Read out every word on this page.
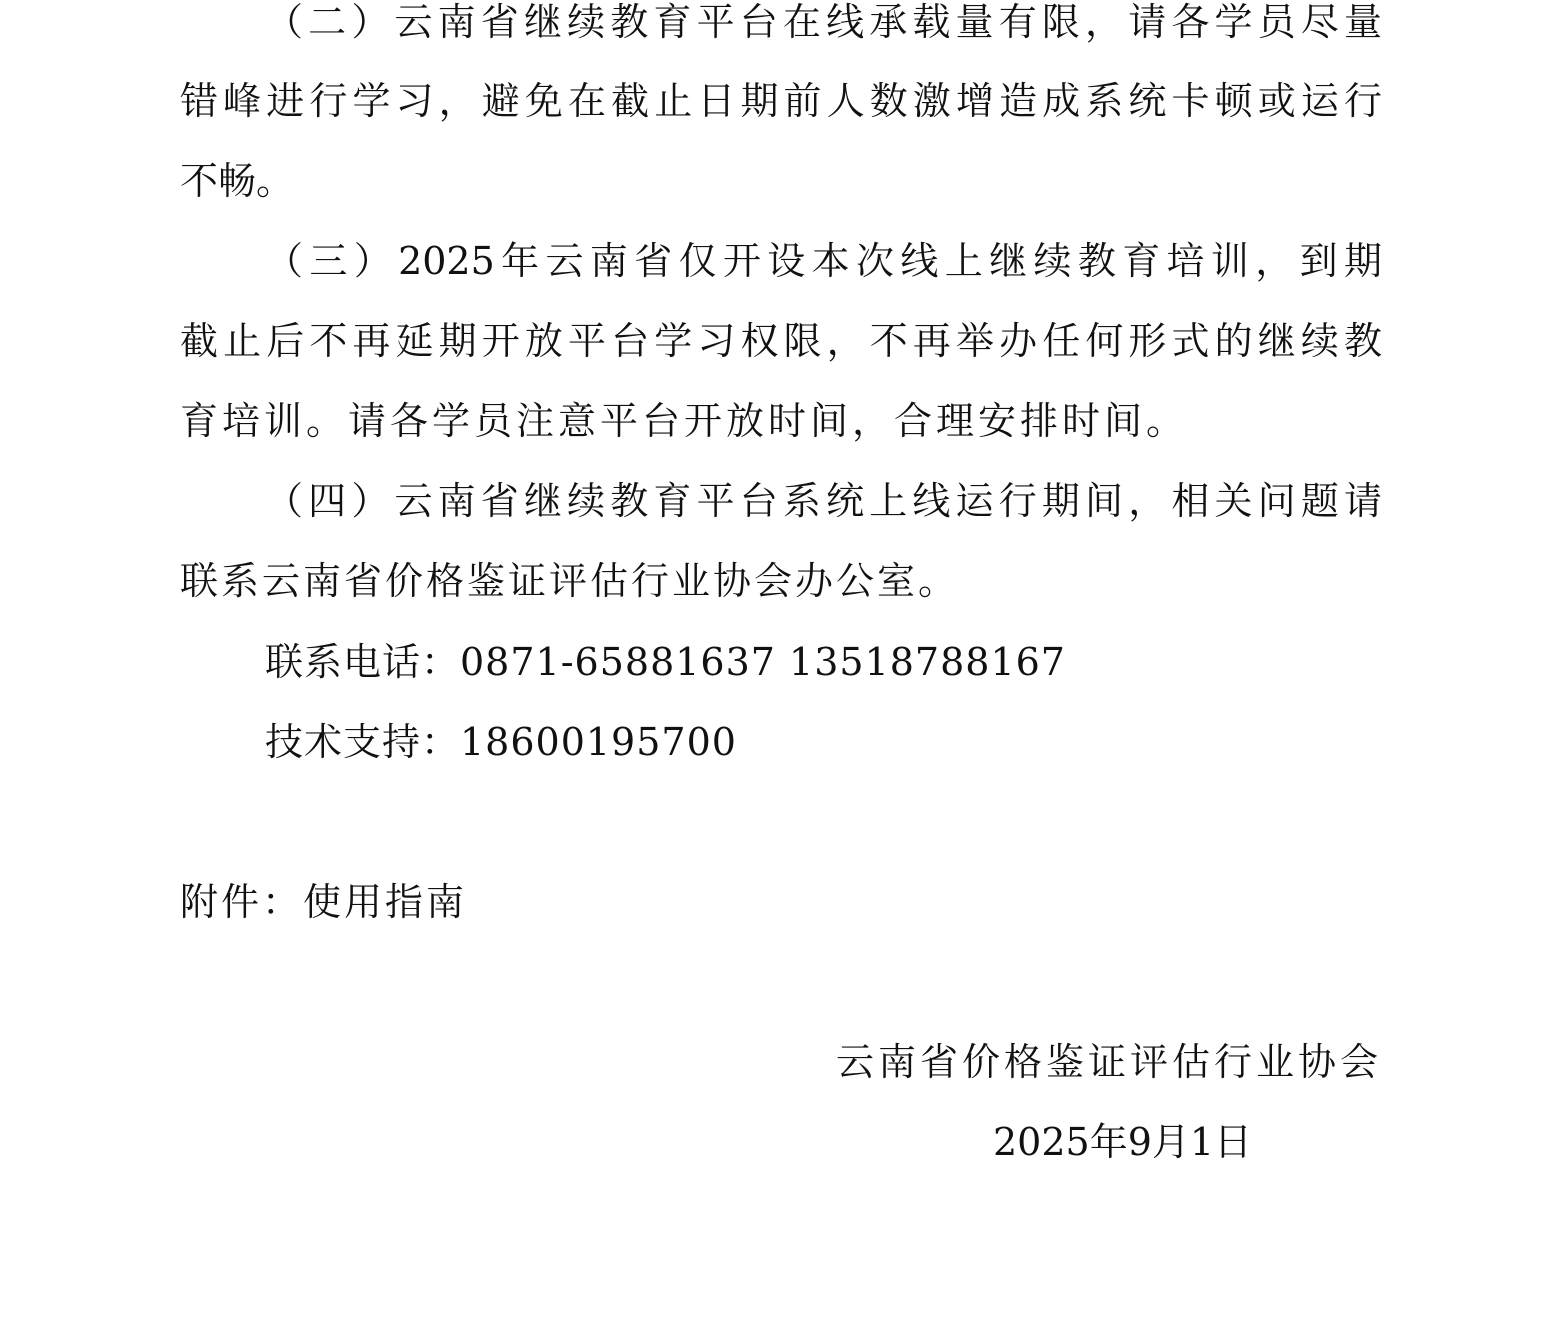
（二）云南省继续教育平台在线承载量有限，请各学员尽量
错峰进行学习，避免在截止日期前人数激增造成系统卡顿或运行
不畅。
（三）2025年云南省仅开设本次线上继续教育培训，到期
截止后不再延期开放平台学习权限，不再举办任何形式的继续教
育培训。请各学员注意平台开放时间，合理安排时间。
（四）云南省继续教育平台系统上线运行期间，相关问题请
联系云南省价格鉴证评估行业协会办公室。
联系电话：0871-65881637 13518788167
技术支持：18600195700
附件：使用指南
云南省价格鉴证评估行业协会
2025年9月1日
